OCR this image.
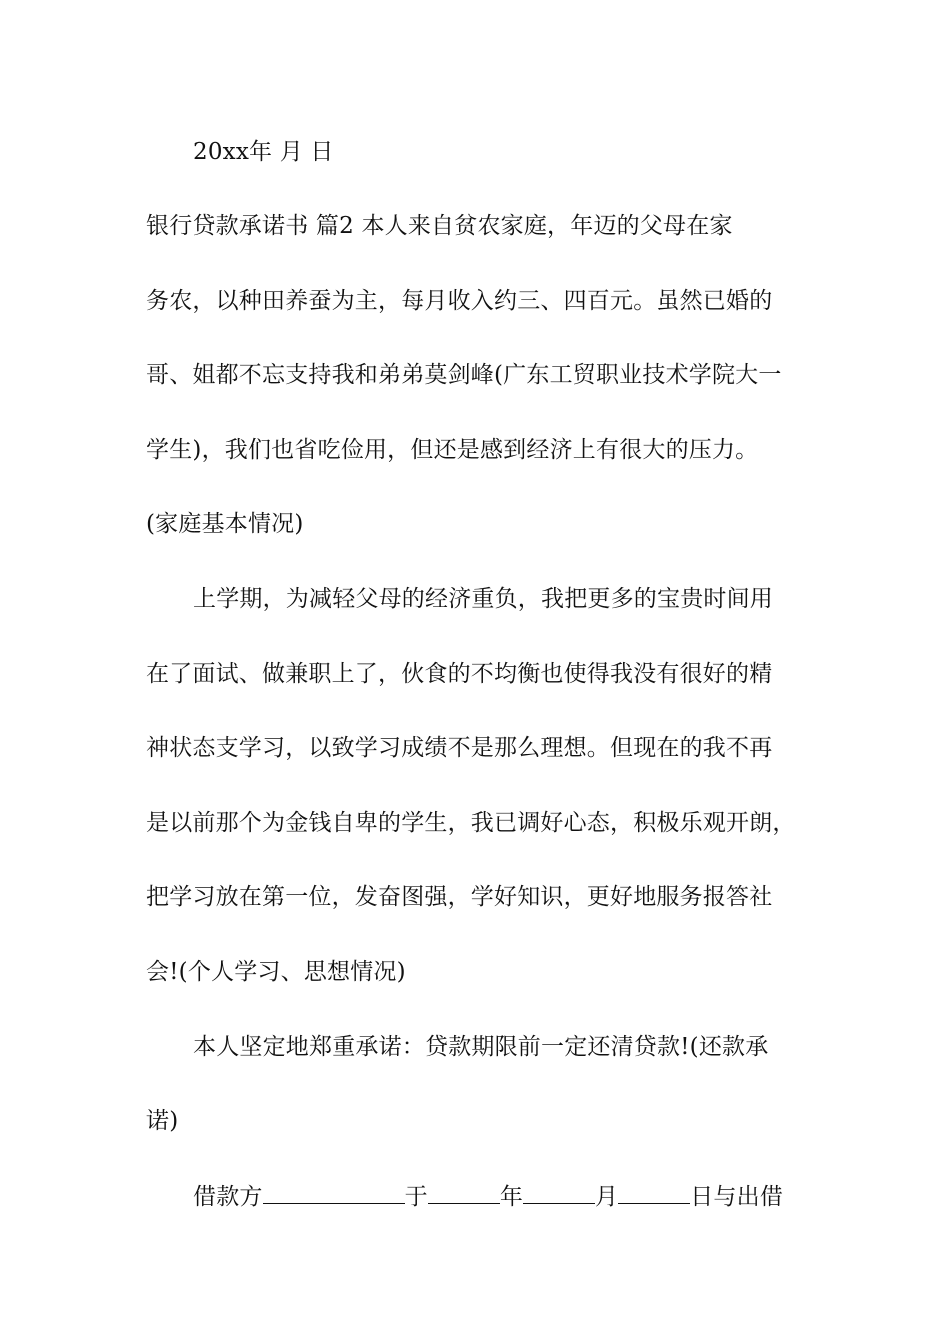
20xx年 月 日
银行贷款承诺书 篇2 本人来自贫农家庭，年迈的父母在家
务农，以种田养蚕为主，每月收入约三、四百元。虽然已婚的
哥、姐都不忘支持我和弟弟莫剑峰(广东工贸职业技术学院大一
学生)，我们也省吃俭用，但还是感到经济上有很大的压力。
(家庭基本情况)
上学期，为减轻父母的经济重负，我把更多的宝贵时间用
在了面试、做兼职上了，伙食的不均衡也使得我没有很好的精
神状态支学习，以致学习成绩不是那么理想。但现在的我不再
是以前那个为金钱自卑的学生，我已调好心态，积极乐观开朗，
把学习放在第一位，发奋图强，学好知识，更好地服务报答社
会!(个人学习、思想情况)
本人坚定地郑重承诺：贷款期限前一定还清贷款!(还款承
诺)
借款方	于	年	月	日与出借
